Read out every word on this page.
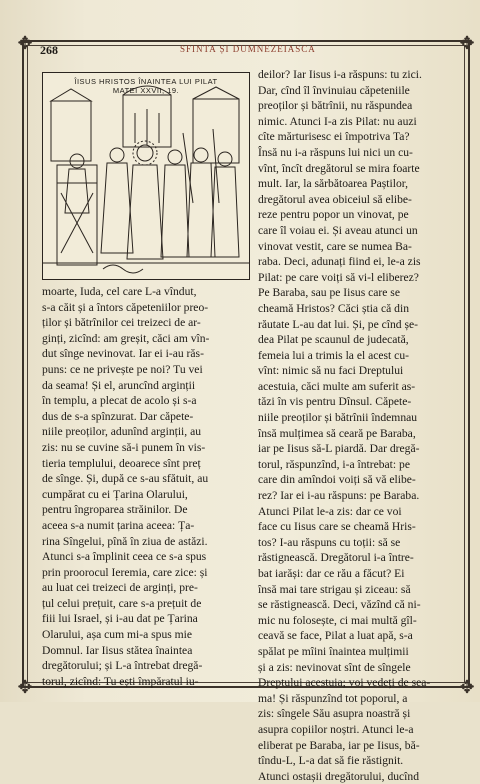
✥	✥
✥	✥
268	SFINTA ȘI DUMNEZEIASCA
ÎISUS HRISTOS ÎNAINTEA LUI PILAT
MATEI XXVII, 19.
deilor? Iar Iisus i-a răspuns: tu zici.
Dar, cînd îl învinuiau căpeteniile
preoților și bătrînii, nu răspundea
nimic. Atunci I-a zis Pilat: nu auzi
cîte mărturisesc ei împotriva Ta?
Însă nu i-a răspuns lui nici un cu-
vînt, încît dregătorul se mira foarte
mult. Iar, la sărbătoarea Paștilor,
dregătorul avea obiceiul să elibe-
reze pentru popor un vinovat, pe
care îl voiau ei. Și aveau atunci un
vinovat vestit, care se numea Ba-
raba. Deci, adunați fiind ei, le-a zis
Pilat: pe care voiți să vi-l eliberez?
Pe Baraba, sau pe Iisus care se
cheamă Hristos? Căci știa că din
răutate L-au dat lui. Și, pe cînd șe-
dea Pilat pe scaunul de judecată,
femeia lui a trimis la el acest cu-
vînt: nimic să nu faci Dreptului
acestuia, căci multe am suferit as-
tăzi în vis pentru Dînsul. Căpete-
niile preoților și bătrînii îndemnau
însă mulțimea să ceară pe Baraba,
iar pe Iisus să-L piardă. Dar dregă-
torul, răspunzînd, i-a întrebat: pe
care din amîndoi voiți să vă elibe-
rez? Iar ei i-au răspuns: pe Baraba.
Atunci Pilat le-a zis: dar ce voi
face cu Iisus care se cheamă Hris-
tos? I-au răspuns cu toții: să se
răstignească. Dregătorul i-a între-
bat iarăși: dar ce rău a făcut? Ei
însă mai tare strigau și ziceau: să
se răstignească. Deci, văzînd că ni-
mic nu folosește, ci mai multă gîl-
ceavă se face, Pilat a luat apă, s-a
spălat pe mîini înaintea mulțimii
și a zis: nevinovat sînt de sîngele
Dreptului acestuia; voi vedeți de sea-
ma! Și răspunzînd tot poporul, a
zis: sîngele Său asupra noastră și
asupra copiilor noștri. Atunci le-a
eliberat pe Baraba, iar pe Iisus, bă-
tîndu-L, L-a dat să fie răstignit.
Atunci ostașii dregătorului, ducînd
moarte, Iuda, cel care L-a vîndut,
s-a căit și a întors căpeteniilor preo-
ților și bătrînilor cei treizeci de ar-
ginți, zicînd: am greșit, căci am vîn-
dut sînge nevinovat. Iar ei i-au răs-
puns: ce ne privește pe noi? Tu vei
da seama! Și el, aruncînd arginții
în templu, a plecat de acolo și s-a
dus de s-a spînzurat. Dar căpete-
niile preoților, adunînd arginții, au
zis: nu se cuvine să-i punem în vis-
tieria templului, deoarece sînt preț
de sînge. Și, după ce s-au sfătuit, au
cumpărat cu ei Țarina Olarului,
pentru îngroparea străinilor. De
aceea s-a numit țarina aceea: Ța-
rina Sîngelui, pînă în ziua de astăzi.
Atunci s-a împlinit ceea ce s-a spus
prin proorocul Ieremia, care zice: și
au luat cei treizeci de arginți, pre-
țul celui prețuit, care s-a prețuit de
fiii lui Israel, și i-au dat pe Țarina
Olarului, așa cum mi-a spus mie
Domnul. Iar Iisus stătea înaintea
dregătorului; și L-a întrebat dregă-
torul, zicînd: Tu ești împăratul iu-
